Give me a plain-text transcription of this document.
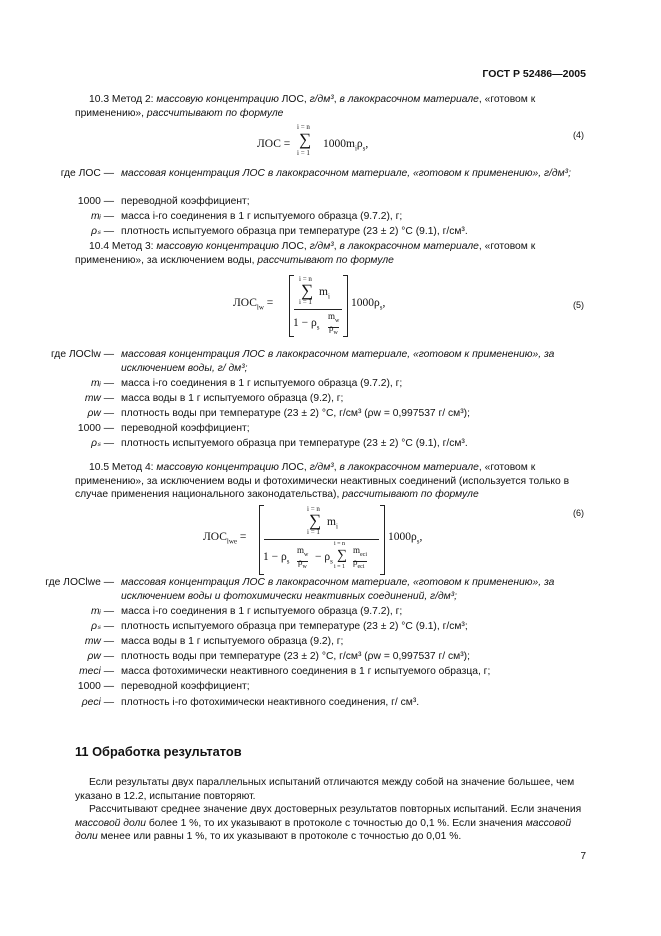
ГОСТ Р 52486—2005
10.3 Метод 2: массовую концентрацию ЛОС, г/дм³, в лакокрасочном материале, «готовом к применению», рассчитывают по формуле
ЛОС =
i = n
∑
i = 1
$1000m_i\rho_s$,
(4)
где ЛОС — массовая концентрация ЛОС в лакокрасочном материале, «готовом к применению», г/дм³;
1000 — переводной коэффициент;
mᵢ — масса i-го соединения в 1 г испытуемого образца (9.7.2), г;
ρₛ — плотность испытуемого образца при температуре (23 ± 2) °С (9.1), г/см³.
10.4 Метод 3: массовую концентрацию ЛОС, г/дм³, в лакокрасочном материале, «готовом к применению», за исключением воды, рассчитывают по формуле
$ЛОС_{lw}$ =
i = n
∑ $m_i$
i = 1
$1 - \rho_s$
$m_w$
$\rho_w$
$1000\rho_s$,	(5)
где ЛОСlw — массовая концентрация ЛОС в лакокрасочном материале, «готовом к применению», за исключением воды, г/ дм³;
mᵢ — масса i-го соединения в 1 г испытуемого образца (9.7.2), г;
mw — масса воды в 1 г испытуемого образца (9.2), г;
ρw — плотность воды при температуре (23 ± 2) °С, г/см³ (ρw = 0,997537 г/ см³);
1000 — переводной коэффициент;
ρₛ — плотность испытуемого образца при температуре (23 ± 2) °С (9.1), г/см³.
10.5 Метод 4: массовую концентрацию ЛОС, г/дм³, в лакокрасочном материале, «готовом к применению», за исключением воды и фотохимически неактивных соединений (используется только в случае применения национального законодательства), рассчитывают по формуле
$ЛОС_{lwe}$ =
i = n
∑ $m_i$
i = 1
$1 - \rho_s$
$m_w$
$\rho_w$
− $\rho_s$ ∑
i = n
i = 1
$m_{eci}$
$\rho_{eci}$
$1000\rho_s$,
(6)
где ЛОСlwe — массовая концентрация ЛОС в лакокрасочном материале, «готовом к применению», за исключением воды и фотохимически неактивных соединений, г/дм³;
mᵢ — масса i-го соединения в 1 г испытуемого образца (9.7.2), г;
ρₛ — плотность испытуемого образца при температуре (23 ± 2) °С (9.1), г/см³;
mw — масса воды в 1 г испытуемого образца (9.2), г;
ρw — плотность воды при температуре (23 ± 2) °С, г/см³ (ρw = 0,997537 г/ см³);
meci — масса фотохимически неактивного соединения в 1 г испытуемого образца, г;
1000 — переводной коэффициент;
ρeci — плотность i-го фотохимически неактивного соединения, г/ см³.
11 Обработка результатов
Если результаты двух параллельных испытаний отличаются между собой на значение большее, чем указано в 12.2, испытание повторяют.
Рассчитывают среднее значение двух достоверных результатов повторных испытаний. Если значения массовой доли более 1 %, то их указывают в протоколе с точностью до 0,1 %. Если значения массовой доли менее или равны 1 %, то их указывают в протоколе с точностью до 0,01 %.
7
